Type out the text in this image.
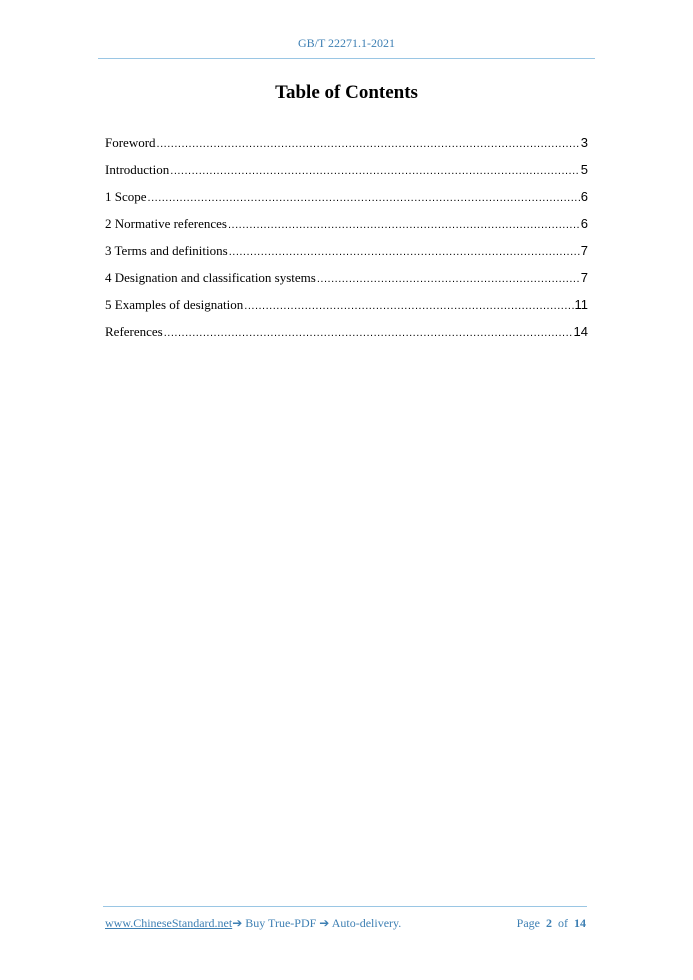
GB/T 22271.1-2021
Table of Contents
Foreword .....	3
Introduction .....	5
1 Scope .....	6
2 Normative references .....	6
3 Terms and definitions .....	7
4 Designation and classification systems .....	7
5 Examples of designation .....	11
References .....	14
www.ChineseStandard.net➔ Buy True-PDF ➔ Auto-delivery.	Page 2 of 14
